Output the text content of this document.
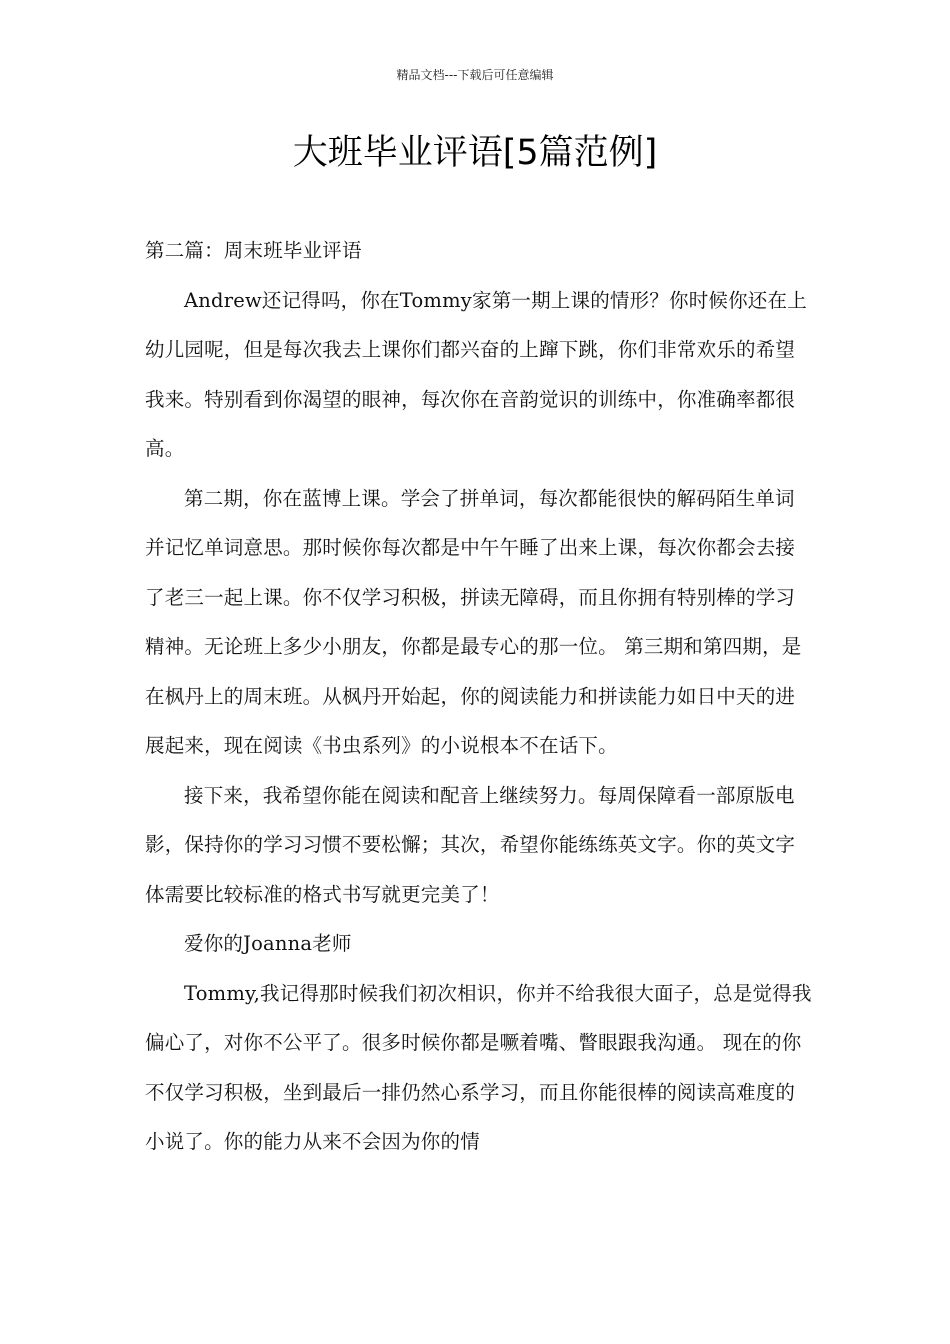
精品文档---下载后可任意编辑
大班毕业评语[5篇范例]

第二篇：周末班毕业评语

Andrew还记得吗，你在Tommy家第一期上课的情形？你时候你还在上幼儿园呢，但是每次我去上课你们都兴奋的上蹿下跳，你们非常欢乐的希望我来。特别看到你渴望的眼神，每次你在音韵觉识的训练中，你准确率都很高。

第二期，你在蓝博上课。学会了拼单词，每次都能很快的解码陌生单词并记忆单词意思。那时候你每次都是中午午睡了出来上课，每次你都会去接了老三一起上课。你不仅学习积极，拼读无障碍，而且你拥有特别棒的学习精神。无论班上多少小朋友，你都是最专心的那一位。 第三期和第四期，是在枫丹上的周末班。从枫丹开始起，你的阅读能力和拼读能力如日中天的进展起来，现在阅读《书虫系列》的小说根本不在话下。

接下来，我希望你能在阅读和配音上继续努力。每周保障看一部原版电影，保持你的学习习惯不要松懈；其次，希望你能练练英文字。你的英文字体需要比较标准的格式书写就更完美了！

爱你的Joanna老师

Tommy,我记得那时候我们初次相识，你并不给我很大面子，总是觉得我偏心了，对你不公平了。很多时候你都是噘着嘴、瞥眼跟我沟通。 现在的你不仅学习积极，坐到最后一排仍然心系学习，而且你能很棒的阅读高难度的小说了。你的能力从来不会因为你的情
